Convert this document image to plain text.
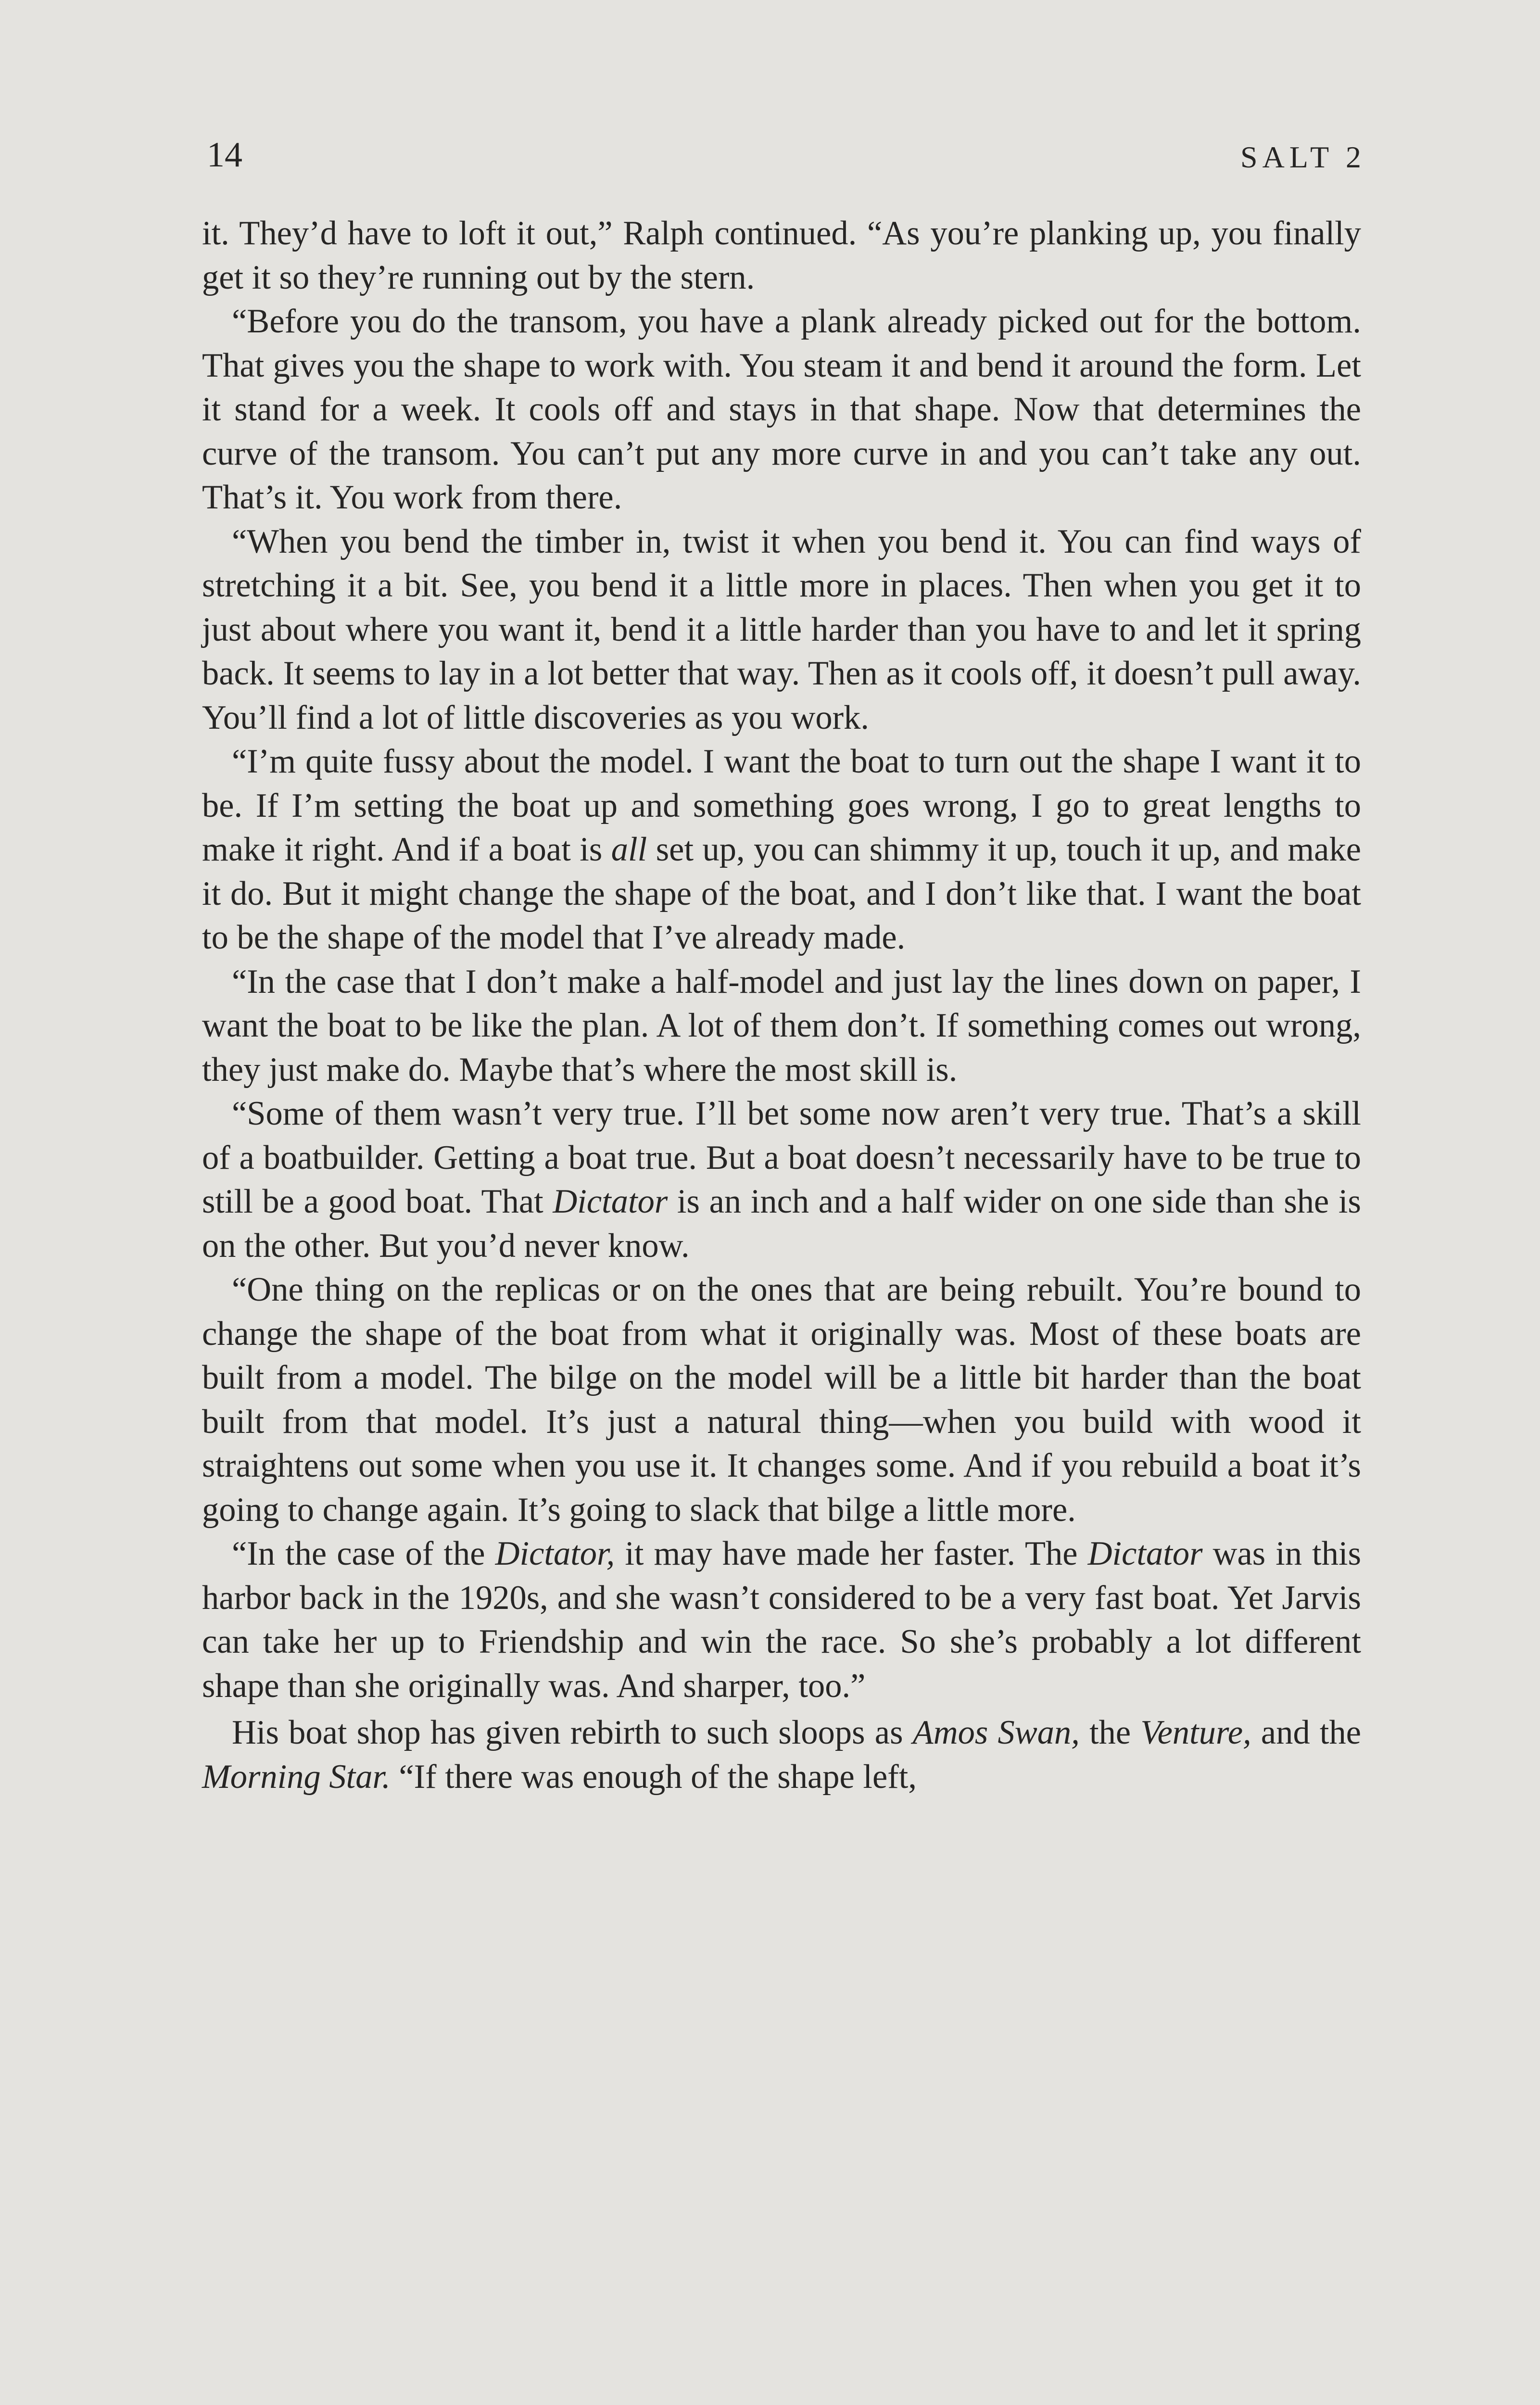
14	SALT 2

it. They’d have to loft it out,” Ralph continued. “As you’re planking up, you finally get it so they’re running out by the stern.

“Before you do the transom, you have a plank already picked out for the bottom. That gives you the shape to work with. You steam it and bend it around the form. Let it stand for a week. It cools off and stays in that shape. Now that determines the curve of the transom. You can’t put any more curve in and you can’t take any out. That’s it. You work from there.

“When you bend the timber in, twist it when you bend it. You can find ways of stretching it a bit. See, you bend it a little more in places. Then when you get it to just about where you want it, bend it a little harder than you have to and let it spring back. It seems to lay in a lot better that way. Then as it cools off, it doesn’t pull away. You’ll find a lot of little discoveries as you work.

“I’m quite fussy about the model. I want the boat to turn out the shape I want it to be. If I’m setting the boat up and something goes wrong, I go to great lengths to make it right. And if a boat is all set up, you can shimmy it up, touch it up, and make it do. But it might change the shape of the boat, and I don’t like that. I want the boat to be the shape of the model that I’ve already made.

“In the case that I don’t make a half-model and just lay the lines down on paper, I want the boat to be like the plan. A lot of them don’t. If something comes out wrong, they just make do. Maybe that’s where the most skill is.

“Some of them wasn’t very true. I’ll bet some now aren’t very true. That’s a skill of a boatbuilder. Getting a boat true. But a boat doesn’t necessarily have to be true to still be a good boat. That Dictator is an inch and a half wider on one side than she is on the other. But you’d never know.

“One thing on the replicas or on the ones that are being rebuilt. You’re bound to change the shape of the boat from what it originally was. Most of these boats are built from a model. The bilge on the model will be a little bit harder than the boat built from that model. It’s just a natural thing—when you build with wood it straightens out some when you use it. It changes some. And if you rebuild a boat it’s going to change again. It’s going to slack that bilge a little more.

“In the case of the Dictator, it may have made her faster. The Dictator was in this harbor back in the 1920s, and she wasn’t considered to be a very fast boat. Yet Jarvis can take her up to Friendship and win the race. So she’s probably a lot different shape than she originally was. And sharper, too.”

His boat shop has given rebirth to such sloops as Amos Swan, the Venture, and the Morning Star. “If there was enough of the shape left,
